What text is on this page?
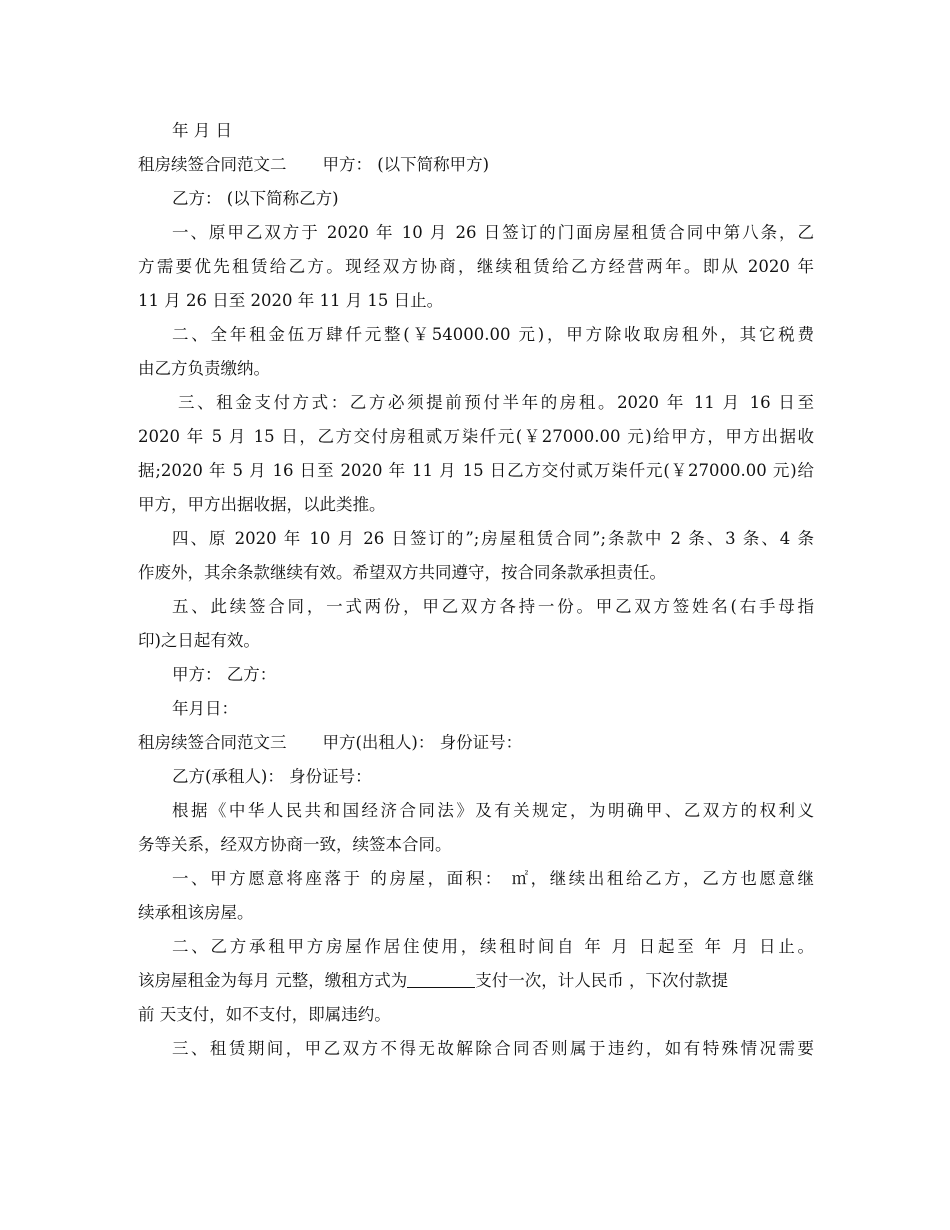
年 月 日
租房续签合同范文二 甲方： (以下简称甲方)
乙方： (以下简称乙方)
一、原甲乙双方于 2020 年 10 月 26 日签订的门面房屋租赁合同中第八条，乙
方需要优先租赁给乙方。现经双方协商，继续租赁给乙方经营两年。即从 2020 年
11 月 26 日至 2020 年 11 月 15 日止。
二、全年租金伍万肆仟元整(￥54000.00 元)，甲方除收取房租外，其它税费
由乙方负责缴纳。
三、租金支付方式：乙方必须提前预付半年的房租。2020 年 11 月 16 日至
2020 年 5 月 15 日，乙方交付房租贰万柒仟元(￥27000.00 元)给甲方，甲方出据收
据;2020 年 5 月 16 日至 2020 年 11 月 15 日乙方交付贰万柒仟元(￥27000.00 元)给
甲方，甲方出据收据，以此类推。
四、原 2020 年 10 月 26 日签订的”;房屋租赁合同”;条款中 2 条、3 条、4 条
作废外，其余条款继续有效。希望双方共同遵守，按合同条款承担责任。
五、此续签合同，一式两份，甲乙双方各持一份。甲乙双方签姓名(右手母指
印)之日起有效。
甲方： 乙方：
年月日：
租房续签合同范文三 甲方(出租人)： 身份证号：
乙方(承租人)： 身份证号：
根据《中华人民共和国经济合同法》及有关规定，为明确甲、乙双方的权利义
务等关系，经双方协商一致，续签本合同。
一、甲方愿意将座落于 的房屋，面积： ㎡，继续出租给乙方，乙方也愿意继
续承租该房屋。
二、乙方承租甲方房屋作居住使用，续租时间自 年 月 日起至 年 月 日止。
该房屋租金为每月 元整，缴租方式为	支付一次，计人民币 ，下次付款提
前 天支付，如不支付，即属违约。
三、租赁期间，甲乙双方不得无故解除合同否则属于违约，如有特殊情况需要
